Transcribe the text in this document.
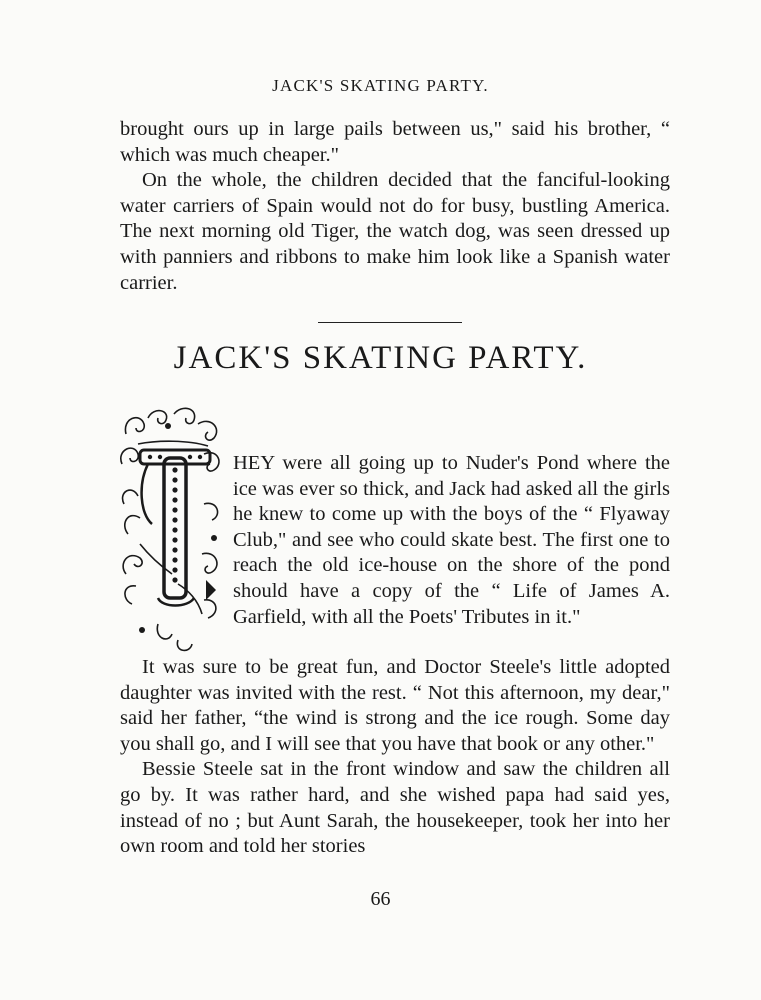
JACK'S SKATING PARTY.

brought ours up in large pails between us," said his brother, “ which was much cheaper."

On the whole, the children decided that the fanciful-looking water carriers of Spain would not do for busy, bustling America. The next morning old Tiger, the watch dog, was seen dressed up with panniers and ribbons to make him look like a Spanish water carrier.

JACK'S SKATING PARTY.

HEY were all going up to Nuder's Pond where the ice was ever so thick, and Jack had asked all the girls he knew to come up with the boys of the “ Flyaway Club," and see who could skate best. The first one to reach the old ice-house on the shore of the pond should have a copy of the “ Life of James A. Garfield, with all the Poets' Tributes in it."

It was sure to be great fun, and Doctor Steele's little adopted daughter was invited with the rest. “ Not this afternoon, my dear," said her father, “the wind is strong and the ice rough. Some day you shall go, and I will see that you have that book or any other."

Bessie Steele sat in the front window and saw the children all go by. It was rather hard, and she wished papa had said yes, instead of no ; but Aunt Sarah, the housekeeper, took her into her own room and told her stories

66
